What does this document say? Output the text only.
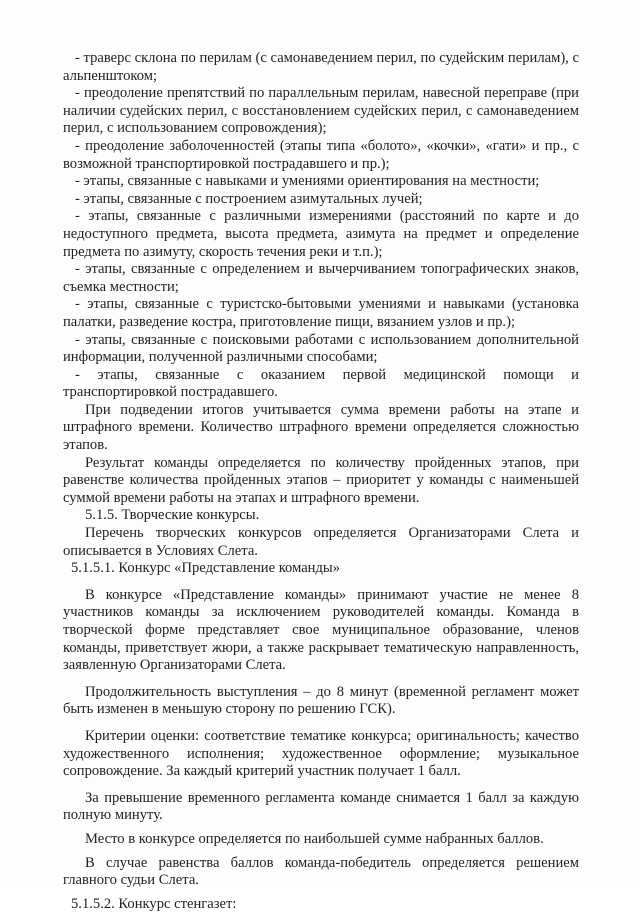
- траверс склона по перилам (с самонаведением перил, по судейским перилам), с альпенштоком;

- преодоление препятствий по параллельным перилам, навесной переправе (при наличии судейских перил, с восстановлением судейских перил, с самонаведением перил, с использованием сопровождения);

- преодоление заболоченностей (этапы типа «болото», «кочки», «гати» и пр., с возможной транспортировкой пострадавшего и пр.);

- этапы, связанные с навыками и умениями ориентирования на местности;

- этапы, связанные с построением азимутальных лучей;

- этапы, связанные с различными измерениями (расстояний по карте и до недоступного предмета, высота предмета, азимута на предмет и определение предмета по азимуту, скорость течения реки и т.п.);

- этапы, связанные с определением и вычерчиванием топографических знаков, съемка местности;

- этапы, связанные с туристско-бытовыми умениями и навыками (установка палатки, разведение костра, приготовление пищи, вязанием узлов и пр.);

- этапы, связанные с поисковыми работами с использованием дополнительной информации, полученной различными способами;

- этапы, связанные с оказанием первой медицинской помощи и транспортировкой пострадавшего.

При подведении итогов учитывается сумма времени работы на этапе и штрафного времени. Количество штрафного времени определяется сложностью этапов.

Результат команды определяется по количеству пройденных этапов, при равенстве количества пройденных этапов – приоритет у команды с наименьшей суммой времени работы на этапах и штрафного времени.

5.1.5. Творческие конкурсы.

Перечень творческих конкурсов определяется Организаторами Слета и описывается в Условиях Слета.

5.1.5.1. Конкурс «Представление команды»

В конкурсе «Представление команды» принимают участие не менее 8 участников команды за исключением руководителей команды. Команда в творческой форме представляет свое муниципальное образование, членов команды, приветствует жюри, а также раскрывает тематическую направленность, заявленную Организаторами Слета.

Продолжительность выступления – до 8 минут (временной регламент может быть изменен в меньшую сторону по решению ГСК).

Критерии оценки: соответствие тематике конкурса; оригинальность; качество художественного исполнения; художественное оформление; музыкальное сопровождение. За каждый критерий участник получает 1 балл.

За превышение временного регламента команде снимается 1 балл за каждую полную минуту.

Место в конкурсе определяется по наибольшей сумме набранных баллов.

В случае равенства баллов команда-победитель определяется решением главного судьи Слета.

5.1.5.2. Конкурс стенгазет:
